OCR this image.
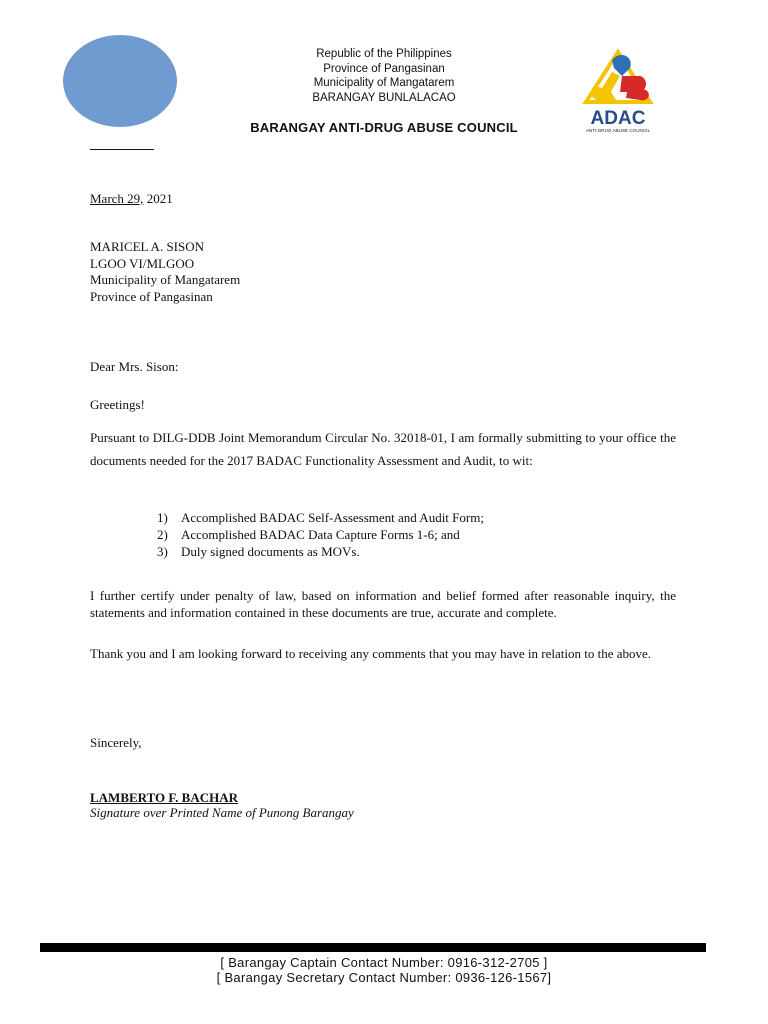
Republic of the Philippines
Province of Pangasinan
Municipality of Mangatarem
BARANGAY BUNLALACAO
BARANGAY ANTI-DRUG ABUSE COUNCIL	ADAC
ANTI-DRUG ABUSE COUNCIL
March 29, 2021
MARICEL A. SISON
LGOO VI/MLGOO
Municipality of Mangatarem
Province of Pangasinan
Dear Mrs. Sison:
Greetings!
Pursuant to DILG-DDB Joint Memorandum Circular No. 32018-01, I am formally submitting to your office the documents needed for the 2017 BADAC Functionality Assessment and Audit, to wit:
1) Accomplished BADAC Self-Assessment and Audit Form;
2) Accomplished BADAC Data Capture Forms 1-6; and
3) Duly signed documents as MOVs.
I further certify under penalty of law, based on information and belief formed after reasonable inquiry, the statements and information contained in these documents are true, accurate and complete.
Thank you and I am looking forward to receiving any comments that you may have in relation to the above.
Sincerely,
LAMBERTO F. BACHAR
Signature over Printed Name of Punong Barangay
[ Barangay Captain Contact Number: 0916-312-2705 ]
[ Barangay Secretary Contact Number: 0936-126-1567]
